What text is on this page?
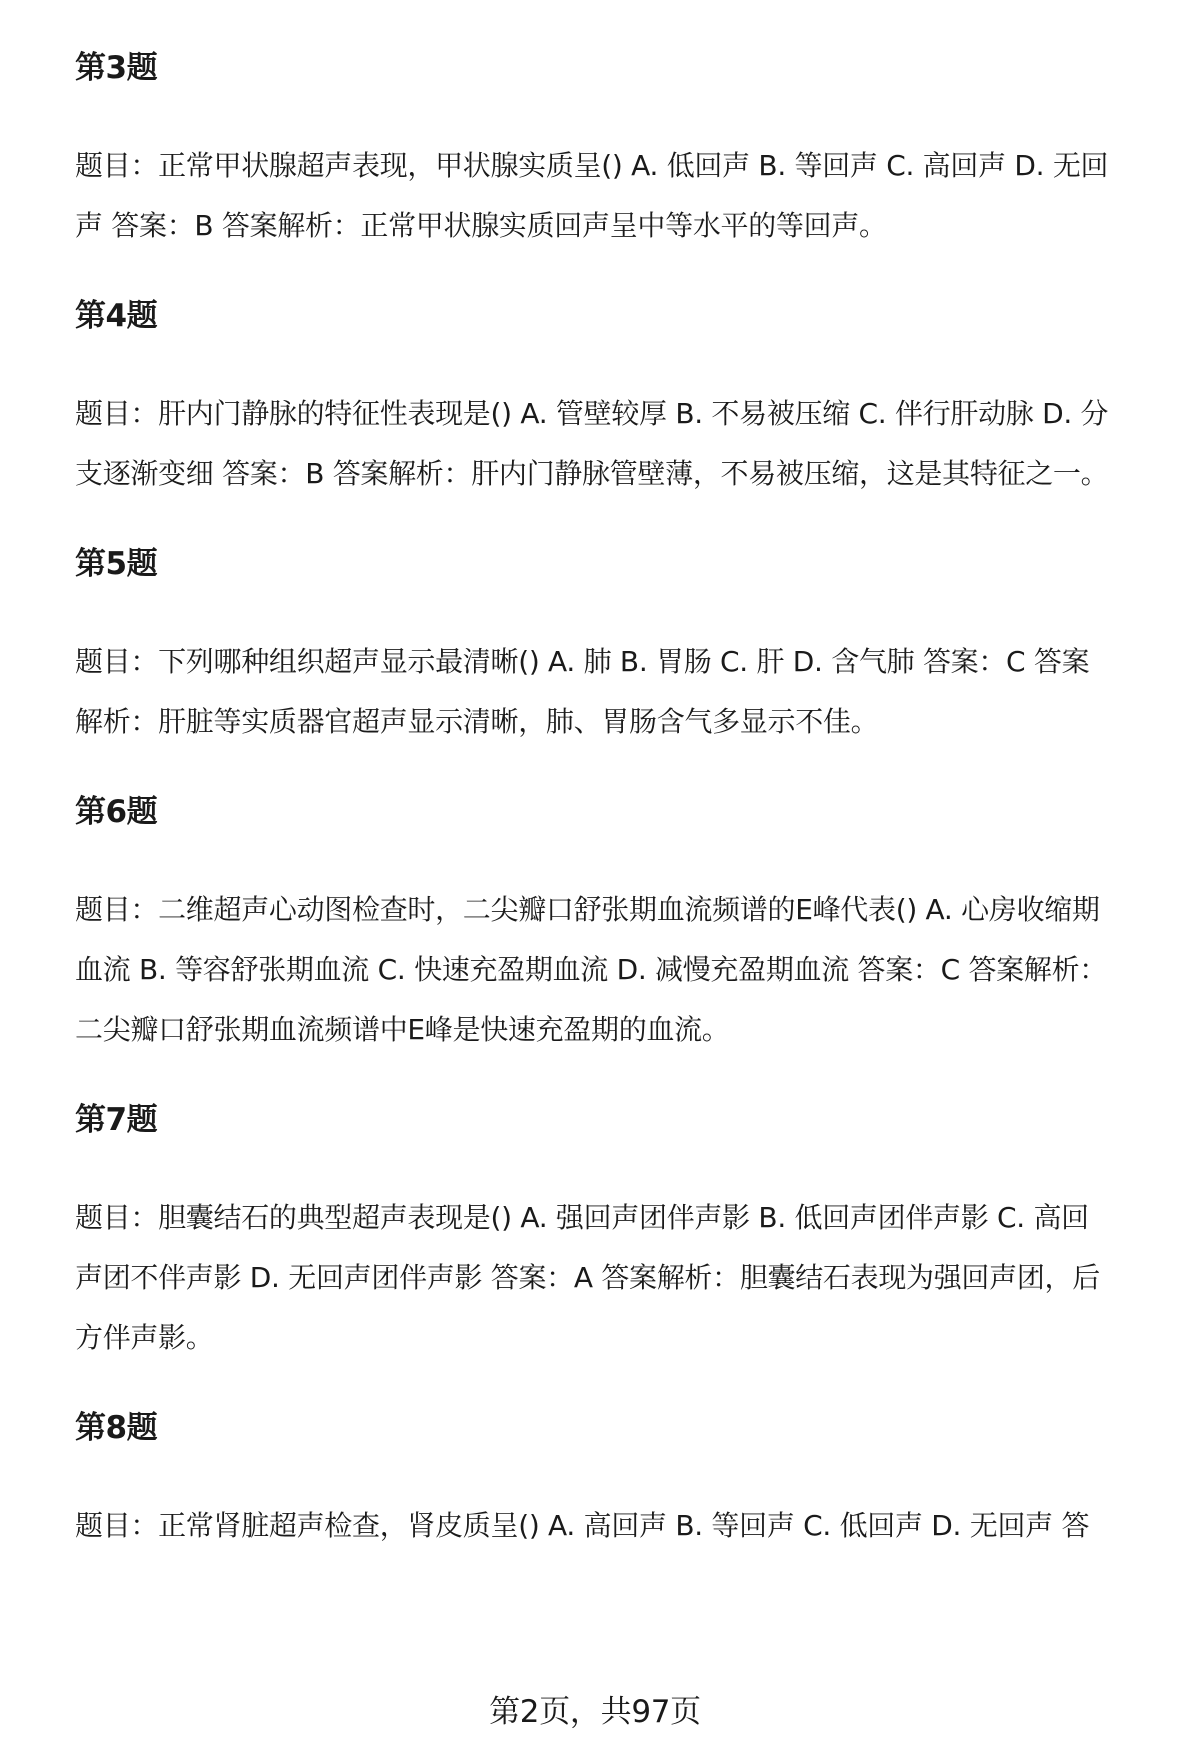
第3题
题目：正常甲状腺超声表现，甲状腺实质呈() A. 低回声 B. 等回声 C. 高回声 D. 无回声 答案：B 答案解析：正常甲状腺实质回声呈中等水平的等回声。
第4题
题目：肝内门静脉的特征性表现是() A. 管壁较厚 B. 不易被压缩 C. 伴行肝动脉 D. 分支逐渐变细 答案：B 答案解析：肝内门静脉管壁薄，不易被压缩，这是其特征之一。
第5题
题目：下列哪种组织超声显示最清晰() A. 肺 B. 胃肠 C. 肝 D. 含气肺 答案：C 答案解析：肝脏等实质器官超声显示清晰，肺、胃肠含气多显示不佳。
第6题
题目：二维超声心动图检查时，二尖瓣口舒张期血流频谱的E峰代表() A. 心房收缩期血流 B. 等容舒张期血流 C. 快速充盈期血流 D. 减慢充盈期血流 答案：C 答案解析：二尖瓣口舒张期血流频谱中E峰是快速充盈期的血流。
第7题
题目：胆囊结石的典型超声表现是() A. 强回声团伴声影 B. 低回声团伴声影 C. 高回声团不伴声影 D. 无回声团伴声影 答案：A 答案解析：胆囊结石表现为强回声团，后方伴声影。
第8题
题目：正常肾脏超声检查，肾皮质呈() A. 高回声 B. 等回声 C. 低回声 D. 无回声 答
第2页，共97页
